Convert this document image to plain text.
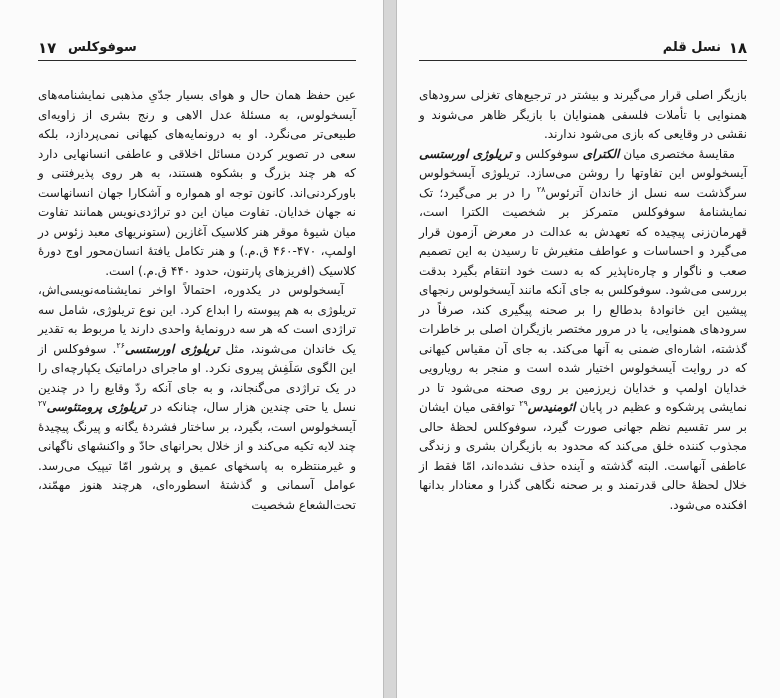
۱۷ سوفوکلس

عین حفظ همان حال و هوای بسیار جدّیِ مذهبی نمایشنامه‌های آیسخولوس، به مسئلهٔ عدل الاهی و رنج بشری از زاویه‌ای طبیعی‌تر می‌نگرد. او به درونمایه‌های کیهانی نمی‌پردازد، بلکه سعی در تصویر کردن مسائل اخلاقی و عاطفی انسانهایی دارد که هر چند بزرگ و بشکوه هستند، به هر روی پذیرفتنی و باورکردنی‌اند. کانون توجه او همواره و آشکارا جهان انسانهاست نه جهان خدایان. تفاوت میان این دو تراژدی‌نویس همانند تفاوت میان شیوهٔ موقر هنر کلاسیک آغازین (ستونریهای معبد زئوس در اولمپ، ۴۷۰-۴۶۰ ق.م.) و هنر تکامل یافتهٔ انسان‌محور اوج دورهٔ کلاسیک (افریزهای پارتنون، حدود ۴۴۰ ق.م.) است.

آیسخولوس در یکدوره، احتمالاً اواخر نمایشنامه‌نویسی‌اش، تریلوژی به هم پیوسته را ابداع کرد. این نوع تریلوژی، شامل سه تراژدی است که هر سه درونمایهٔ واحدی دارند یا مربوط به تقدیر یک خاندان می‌شوند، مثل تریلوژی اورستسی$^{۲۶}$. سوفوکلس از این الگوی سَلَفِش پیروی نکرد. او ماجرای دراماتیک یکپارچه‌ای را در یک تراژدی می‌گنجاند، و به جای آنکه ردّ وقایع را در چندین نسل یا حتی چندین هزار سال، چنانکه در تریلوژی پرومتئوسی$^{۲۷}$ آیسخولوس است، بگیرد، بر ساختار فشردهٔ یگانه و پیرنگ پیچیدهٔ چند لایه تکیه می‌کند و از خلال بحرانهای حادّ و واکنشهای ناگهانی و غیرمنتظره به پاسخهای عمیق و پرشور امّا تیپیک می‌رسد. عوامل آسمانی و گذشتهٔ اسطوره‌ای، هرچند هنوز مهمّند، تحت‌الشعاع شخصیت

۱۸
نسل قلم

بازیگر اصلی قرار می‌گیرند و بیشتر در ترجیع‌های تغزلی سرودهای همنوایی با تأملات فلسفی همنوایان با بازیگر ظاهر می‌شوند و نقشی در وقایعی که بازی می‌شود ندارند.

مقایسهٔ مختصری میان الکترای سوفوکلس و تریلوژی اورستسی آیسخولوس این تفاوتها را روشن می‌سازد. تریلوژی آیسخولوس سرگذشت سه نسل از خاندان آترئوس$^{۲۸}$ را در بر می‌گیرد؛ تک نمایشنامهٔ سوفوکلس متمرکز بر شخصیت الکترا است، قهرمان‌زنی پیچیده که تعهدش به عدالت در معرض آزمون قرار می‌گیرد و احساسات و عواطف متغیرش تا رسیدن به این تصمیم صعب و ناگوار و چاره‌ناپذیر که به دست خود انتقام بگیرد بدقت بررسی می‌شود. سوفوکلس به جای آنکه مانند آیسخولوس رنجهای پیشین این خانوادهٔ بدطالع را بر صحنه پیگیری کند، صرفاً در سرودهای همنوایی، یا در مرور مختصر بازیگران اصلی بر خاطرات گذشته، اشاره‌ای ضمنی به آنها می‌کند. به جای آن مقیاس کیهانی که در روایت آیسخولوس اختیار شده است و منجر به رویارویی خدایان اولمپ و خدایان زیرزمین بر روی صحنه می‌شود تا در نمایشی پرشکوه و عظیم در پایان ائومنیدس$^{۲۹}$ توافقی میان ایشان بر سر تقسیم نظم جهانی صورت گیرد، سوفوکلس لحظهٔ حالی مجذوب کننده خلق می‌کند که محدود به بازیگران بشری و زندگی عاطفی آنهاست. البته گذشته و آینده حذف نشده‌اند، امّا فقط از خلال لحظهٔ حالی قدرتمند و بر صحنه نگاهی گذرا و معنادار بدانها افکنده می‌شود.
